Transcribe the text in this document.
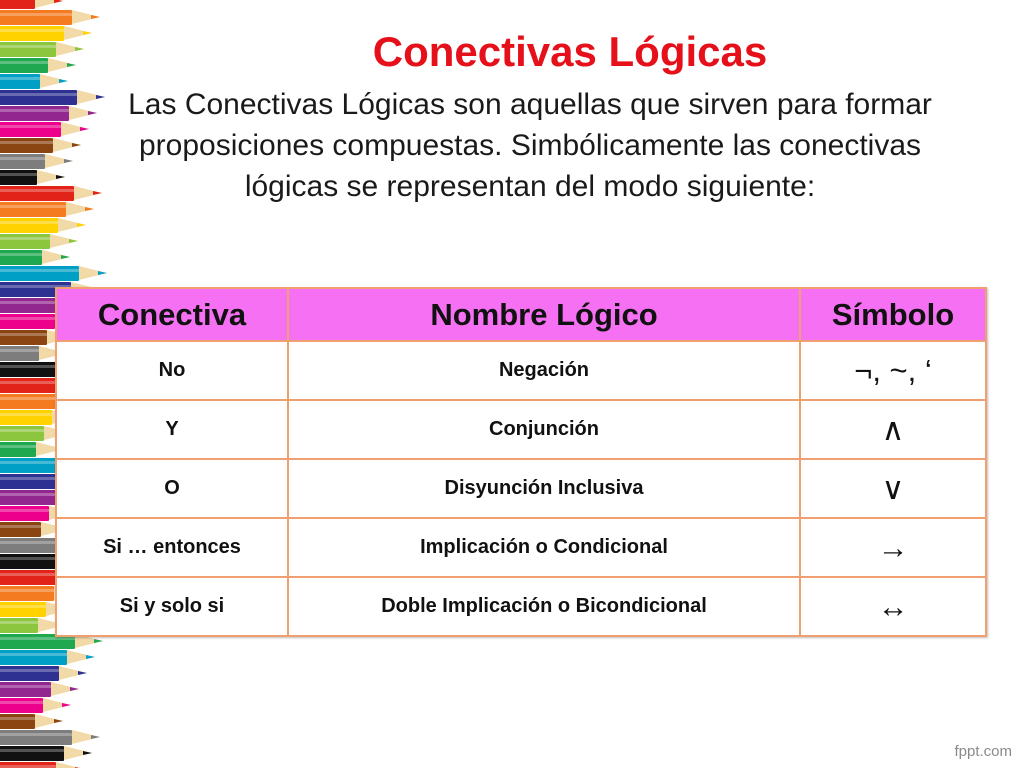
Conectivas Lógicas

Las Conectivas Lógicas son aquellas que sirven para formar proposiciones compuestas. Simbólicamente las conectivas lógicas se representan del modo siguiente:

Conectiva	Nombre Lógico	Símbolo
No	Negación	¬, ~, ‘
Y	Conjunción	∧
O	Disyunción Inclusiva	∨
Si … entonces	Implicación o Condicional	→
Si y solo si	Doble Implicación o Bicondicional	↔
fppt.com
